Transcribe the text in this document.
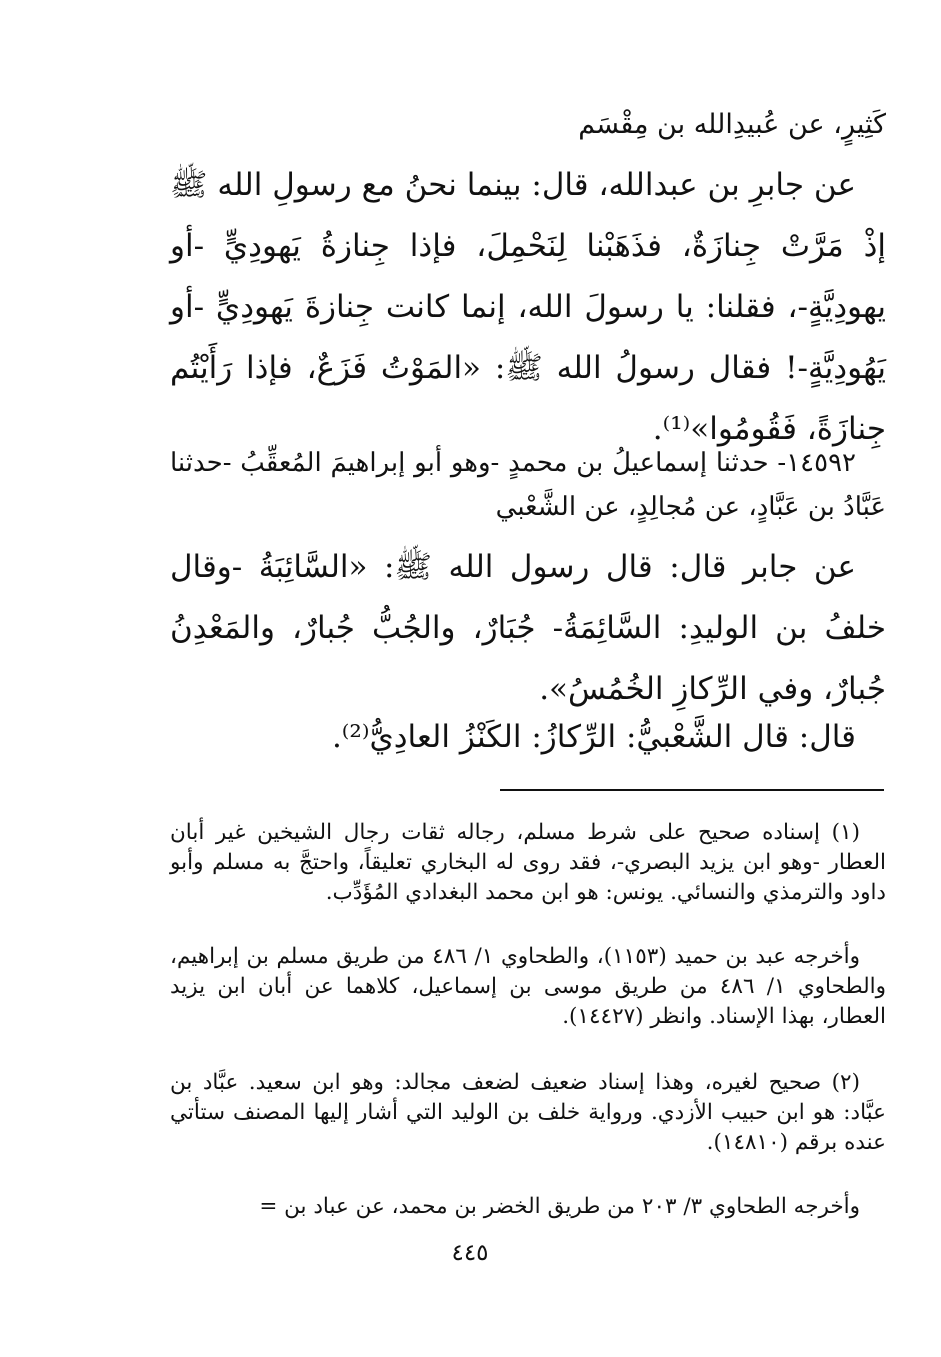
كَثِيرٍ، عن عُبيدِالله بن مِقْسَم
عن جابرِ بن عبدالله، قال: بينما نحنُ مع رسولِ الله ﷺ إذْ مَرَّتْ جِنازَةٌ، فذَهَبْنا لِنَحْمِلَ، فإذا جِنازةُ يَهودِيٍّ -أو يهودِيَّةٍ-، فقلنا: يا رسولَ الله، إنما كانت جِنازةَ يَهودِيٍّ -أو يَهُودِيَّةٍ-! فقال رسولُ الله ﷺ: «المَوْتُ فَزَعٌ، فإذا رَأَيْتُم جِنازَةً، فَقُومُوا»⁽¹⁾.
١٤٥٩٢- حدثنا إسماعيلُ بن محمدٍ -وهو أبو إبراهيمَ المُعقِّبُ -حدثنا عَبَّادُ بن عَبَّادٍ، عن مُجالِدٍ، عن الشَّعْبي
عن جابر قال: قال رسول الله ﷺ: «السَّائِبَةُ -وقال خلفُ بن الوليدِ: السَّائِمَةُ- جُبَارٌ، والجُبُّ جُبارٌ، والمَعْدِنُ جُبارٌ، وفي الرِّكازِ الخُمُسُ».
قال: قال الشَّعْبيُّ: الرِّكازُ: الكَنْزُ العادِيُّ⁽²⁾.
(١) إسناده صحيح على شرط مسلم، رجاله ثقات رجال الشيخين غير أبان العطار -وهو ابن يزيد البصري-، فقد روى له البخاري تعليقاً، واحتجَّ به مسلم وأبو داود والترمذي والنسائي. يونس: هو ابن محمد البغدادي المُؤَدِّب.
وأخرجه عبد بن حميد (١١٥٣)، والطحاوي ١/ ٤٨٦ من طريق مسلم بن إبراهيم، والطحاوي ١/ ٤٨٦ من طريق موسى بن إسماعيل، كلاهما عن أبان ابن يزيد العطار، بهذا الإسناد. وانظر (١٤٤٢٧).
(٢) صحيح لغيره، وهذا إسناد ضعيف لضعف مجالد: وهو ابن سعيد. عبَّاد بن عبَّاد: هو ابن حبيب الأزدي. ورواية خلف بن الوليد التي أشار إليها المصنف ستأتي عنده برقم (١٤٨١٠).
وأخرجه الطحاوي ٣/ ٢٠٣ من طريق الخضر بن محمد، عن عباد بن =
٤٤٥
